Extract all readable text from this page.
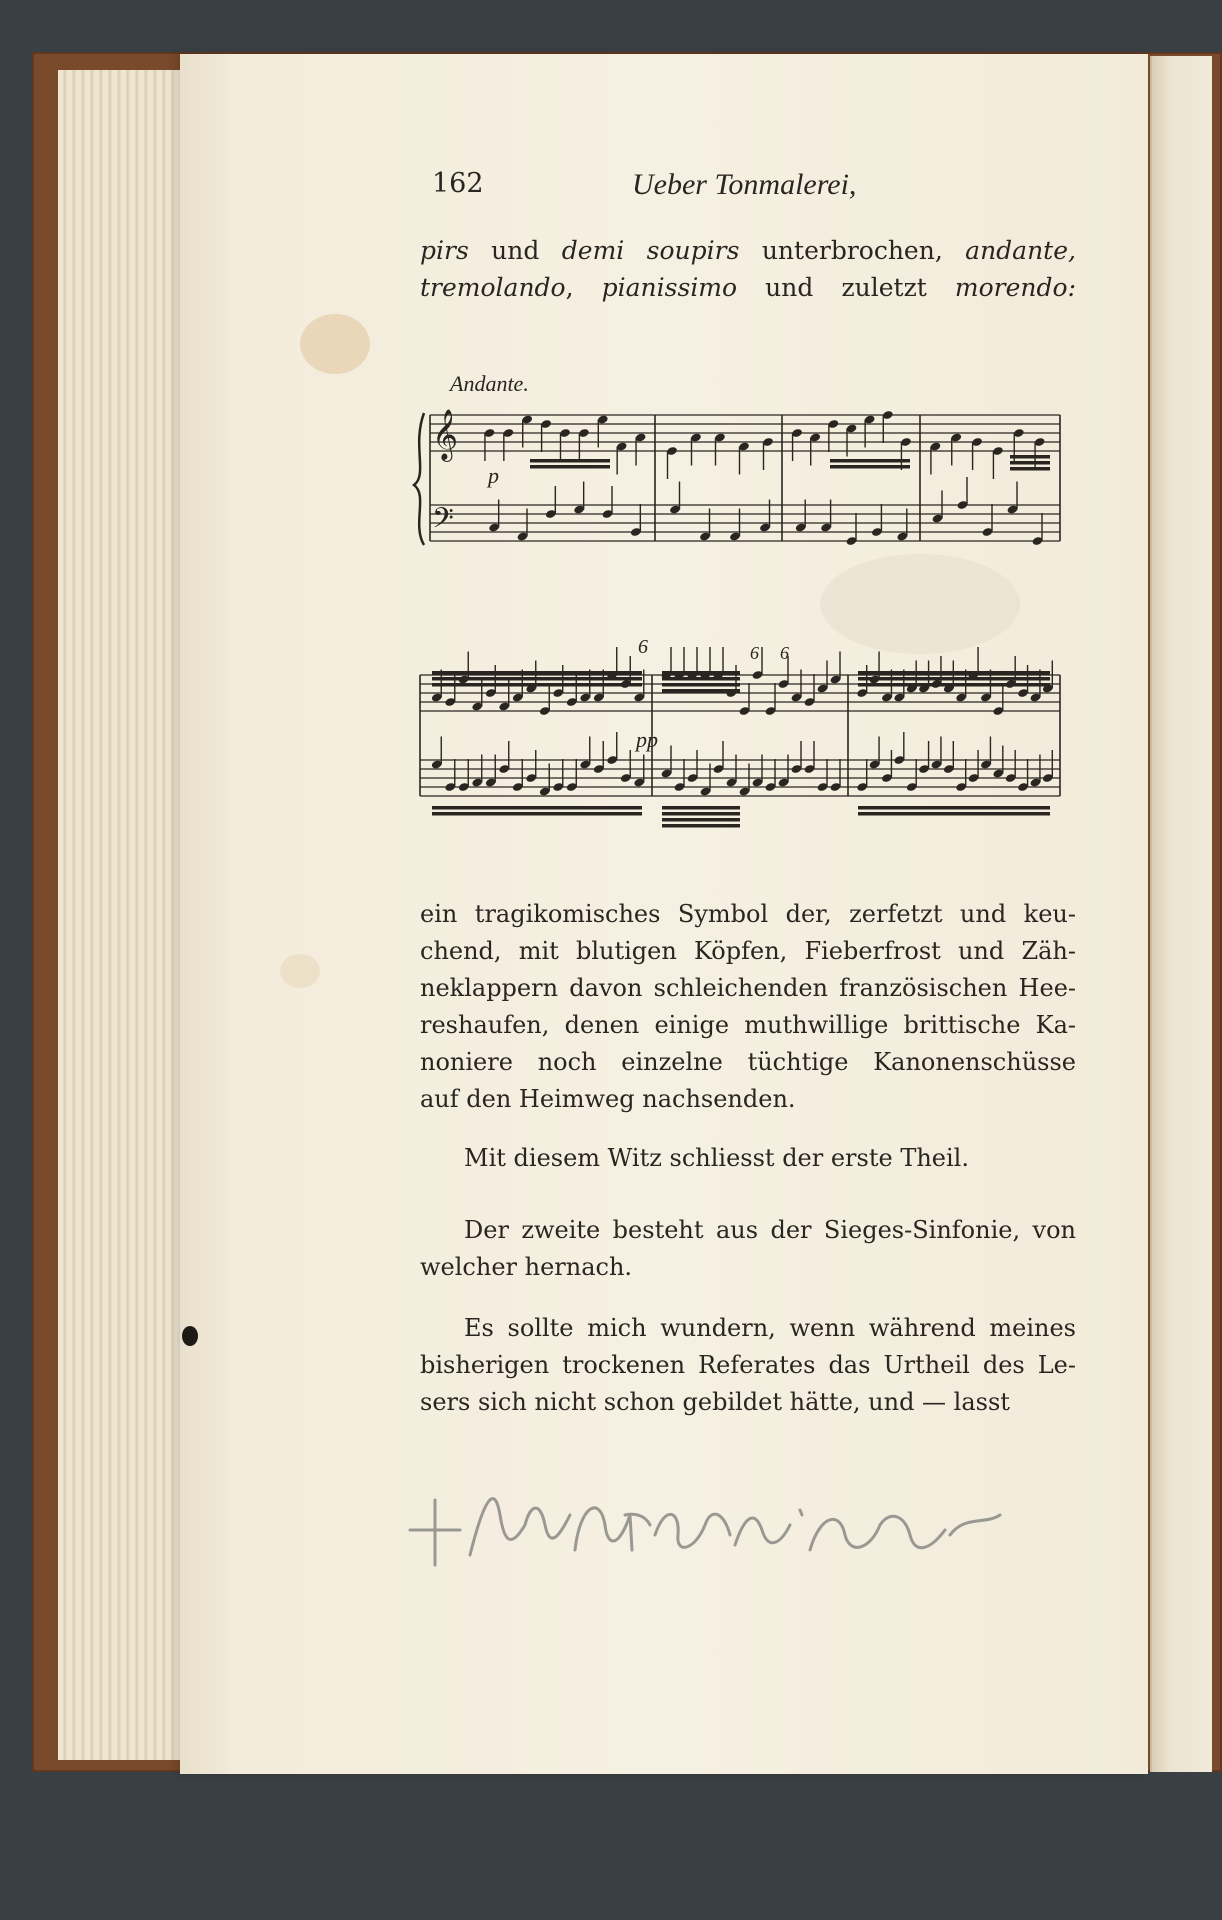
162	Ueber Tonmalerei,
pirs und demi soupirs unterbrochen, andante,
tremolando, pianissimo und zuletzt morendo:
Andante.
p
𝄞
𝄢
6	6 6
pp
ein tragikomisches Symbol der, zerfetzt und keu-
chend, mit blutigen Köpfen, Fieberfrost und Zäh-
neklappern davon schleichenden französischen Hee-
reshaufen, denen einige muthwillige brittische Ka-
noniere noch einzelne tüchtige Kanonenschüsse
auf den Heimweg nachsenden.
Mit diesem Witz schliesst der erste Theil.
Der zweite besteht aus der Sieges-Sinfonie, von
welcher hernach.
Es sollte mich wundern, wenn während meines
bisherigen trockenen Referates das Urtheil des Le-
sers sich nicht schon gebildet hätte, und — lasst
